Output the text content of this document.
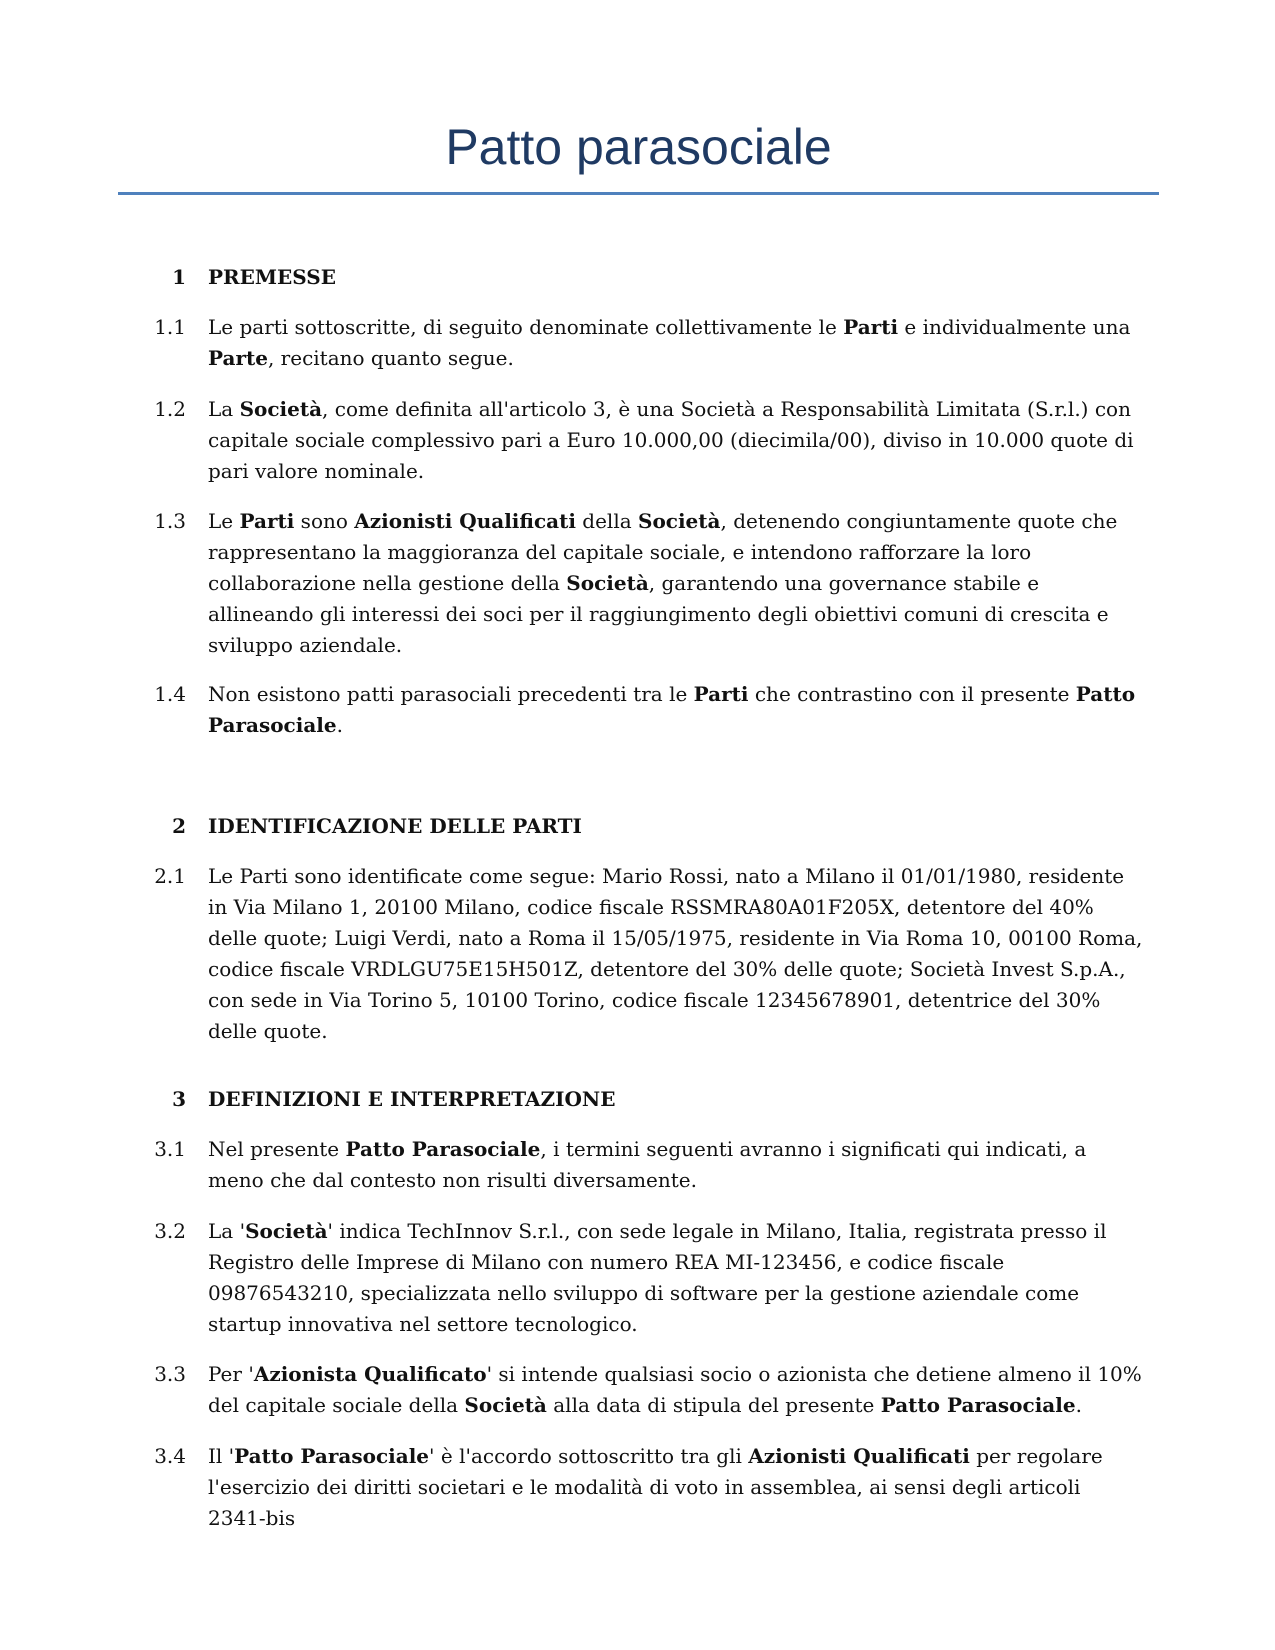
Patto parasociale
1 PREMESSE
1.1 Le parti sottoscritte, di seguito denominate collettivamente le Parti e individualmente una Parte, recitano quanto segue.
1.2 La Società, come definita all'articolo 3, è una Società a Responsabilità Limitata (S.r.l.) con capitale sociale complessivo pari a Euro 10.000,00 (diecimila/00), diviso in 10.000 quote di pari valore nominale.
1.3 Le Parti sono Azionisti Qualificati della Società, detenendo congiuntamente quote che rappresentano la maggioranza del capitale sociale, e intendono rafforzare la loro collaborazione nella gestione della Società, garantendo una governance stabile e allineando gli interessi dei soci per il raggiungimento degli obiettivi comuni di crescita e sviluppo aziendale.
1.4 Non esistono patti parasociali precedenti tra le Parti che contrastino con il presente Patto Parasociale.
2 IDENTIFICAZIONE DELLE PARTI
2.1 Le Parti sono identificate come segue: Mario Rossi, nato a Milano il 01/01/1980, residente in Via Milano 1, 20100 Milano, codice fiscale RSSMRA80A01F205X, detentore del 40% delle quote; Luigi Verdi, nato a Roma il 15/05/1975, residente in Via Roma 10, 00100 Roma, codice fiscale VRDLGU75E15H501Z, detentore del 30% delle quote; Società Invest S.p.A., con sede in Via Torino 5, 10100 Torino, codice fiscale 12345678901, detentrice del 30% delle quote.
3 DEFINIZIONI E INTERPRETAZIONE
3.1 Nel presente Patto Parasociale, i termini seguenti avranno i significati qui indicati, a meno che dal contesto non risulti diversamente.
3.2 La 'Società' indica TechInnov S.r.l., con sede legale in Milano, Italia, registrata presso il Registro delle Imprese di Milano con numero REA MI-123456, e codice fiscale 09876543210, specializzata nello sviluppo di software per la gestione aziendale come startup innovativa nel settore tecnologico.
3.3 Per 'Azionista Qualificato' si intende qualsiasi socio o azionista che detiene almeno il 10% del capitale sociale della Società alla data di stipula del presente Patto Parasociale.
3.4 Il 'Patto Parasociale' è l'accordo sottoscritto tra gli Azionisti Qualificati per regolare l'esercizio dei diritti societari e le modalità di voto in assemblea, ai sensi degli articoli 2341-bis
